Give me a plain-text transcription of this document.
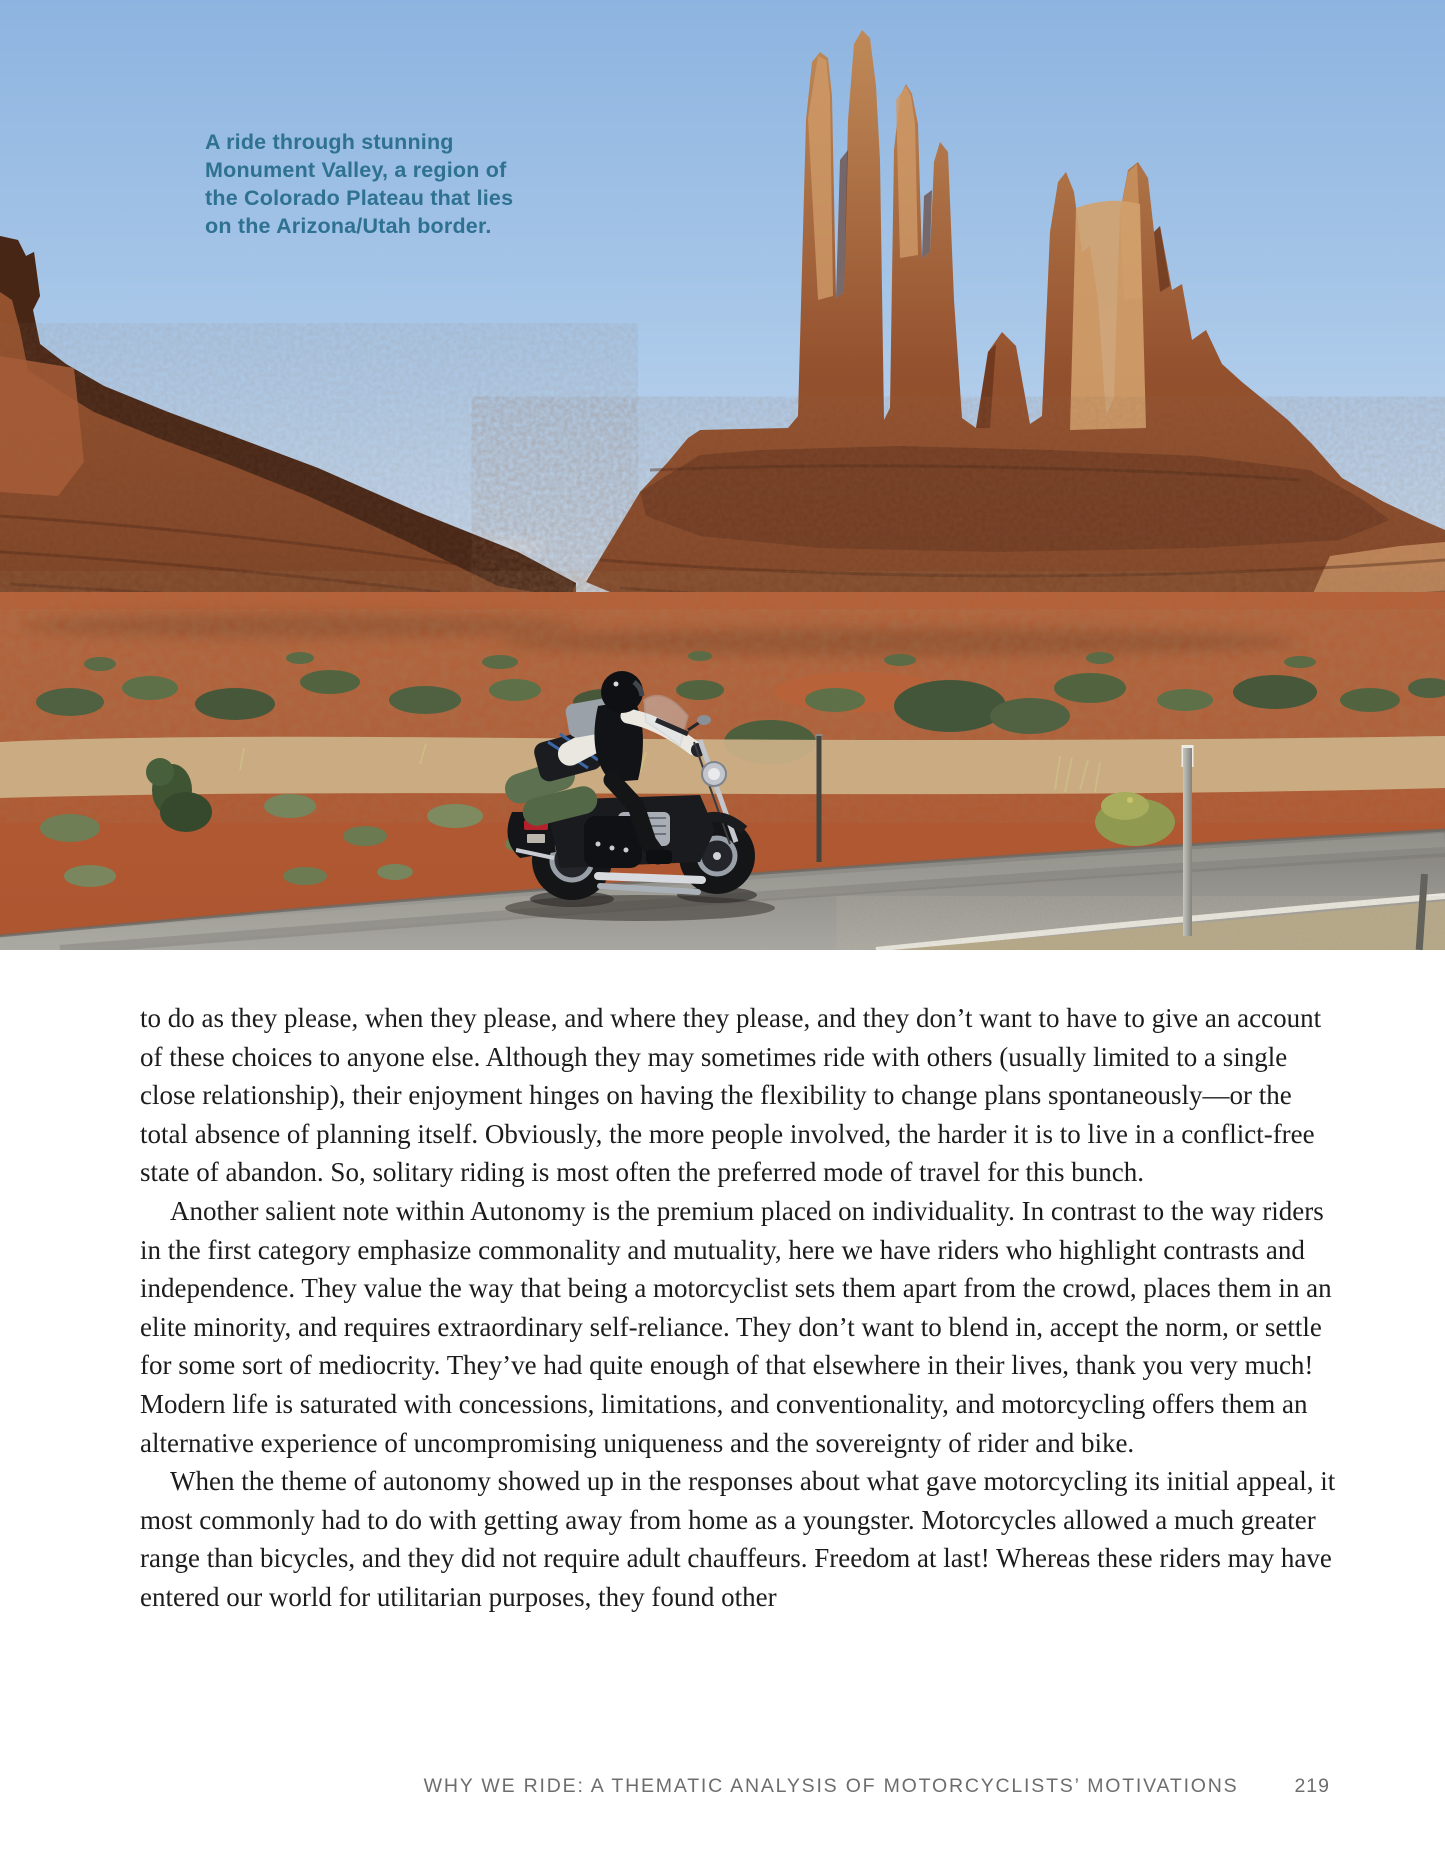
A ride through stunning
Monument Valley, a region of
the Colorado Plateau that lies
on the Arizona/Utah border.

to do as they please, when they please, and where they please, and they don’t want to have to give an account of these choices to anyone else. Although they may sometimes ride with others (usually limited to a single close relationship), their enjoyment hinges on having the flexibility to change plans spontaneously—or the total absence of planning itself. Obviously, the more people involved, the harder it is to live in a conflict-free state of abandon. So, solitary riding is most often the preferred mode of travel for this bunch.

Another salient note within Autonomy is the premium placed on individuality. In contrast to the way riders in the first category emphasize commonality and mutuality, here we have riders who highlight contrasts and independence. They value the way that being a motorcyclist sets them apart from the crowd, places them in an elite minority, and requires extraordinary self-reliance. They don’t want to blend in, accept the norm, or settle for some sort of mediocrity. They’ve had quite enough of that elsewhere in their lives, thank you very much! Modern life is saturated with concessions, limitations, and conventionality, and motorcycling offers them an alternative experience of uncompromising uniqueness and the sovereignty of rider and bike.

When the theme of autonomy showed up in the responses about what gave motorcycling its initial appeal, it most commonly had to do with getting away from home as a youngster. Motorcycles allowed a much greater range than bicycles, and they did not require adult chauffeurs. Freedom at last! Whereas these riders may have entered our world for utilitarian purposes, they found other

WHY WE RIDE: A THEMATIC ANALYSIS OF MOTORCYCLISTS’ MOTIVATIONS	219
